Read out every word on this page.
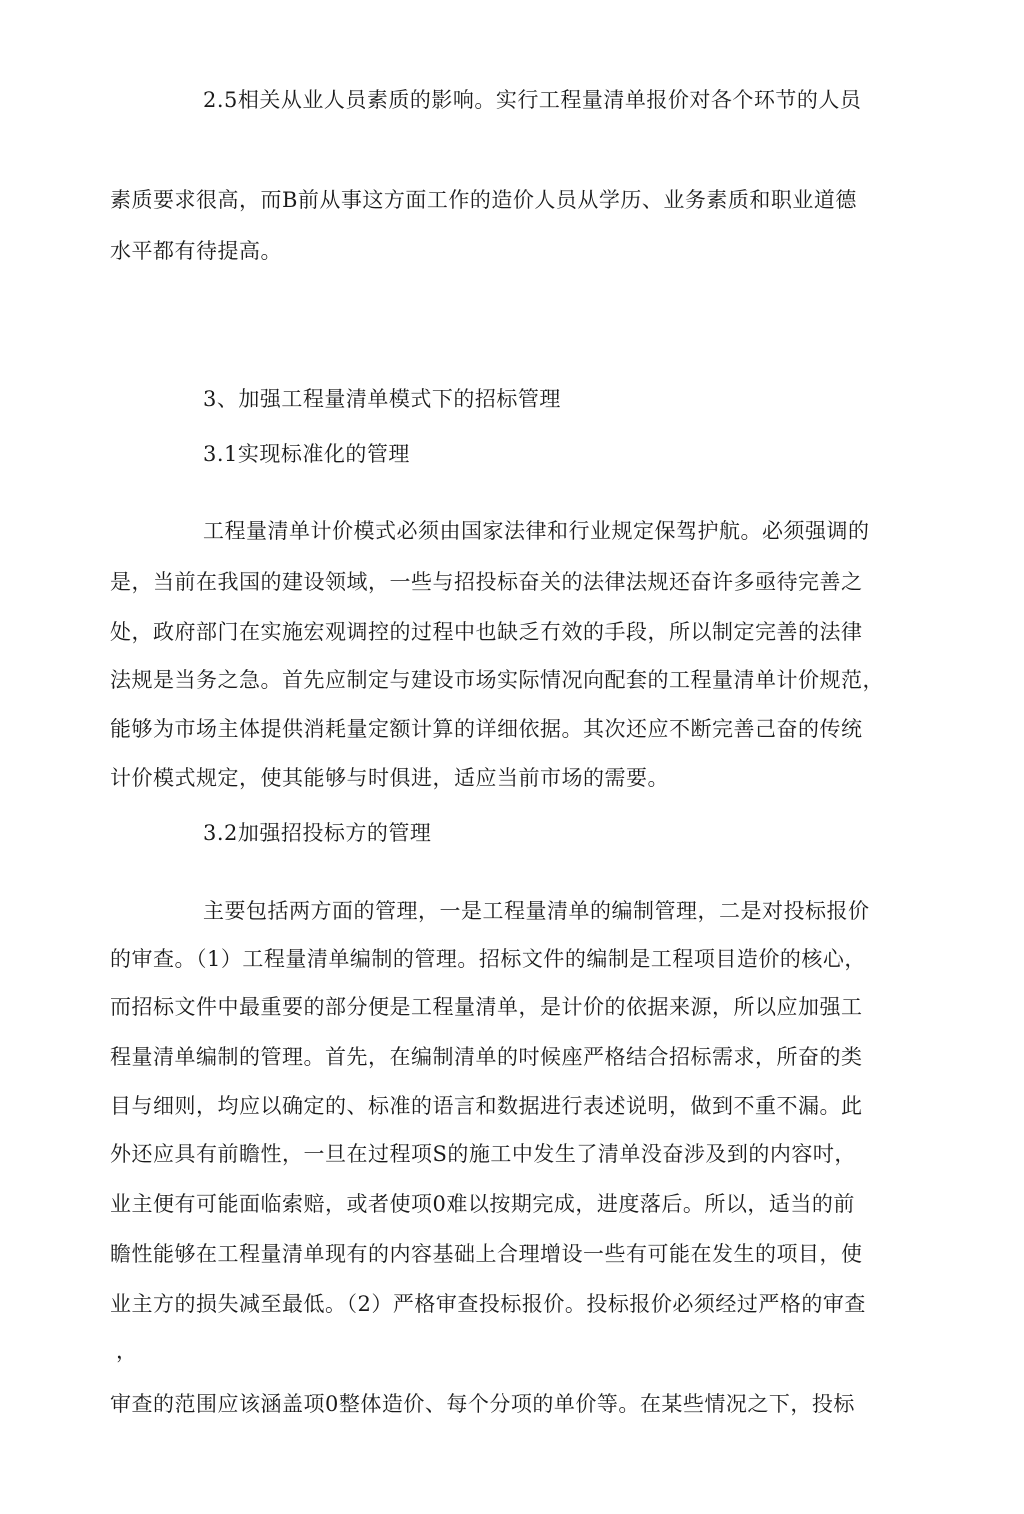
2.5相关从业人员素质的影响。实行工程量清单报价对各个环节的人员
素质要求很高，而B前从事这方面工作的造价人员从学历、业务素质和职业道德
水平都有待提高。
3、加强工程量清单模式下的招标管理
3.1实现标准化的管理
工程量清单计价模式必须由国家法律和行业规定保驾护航。必须强调的
是，当前在我国的建设领域，一些与招投标奋关的法律法规还奋许多亟待完善之
处，政府部门在实施宏观调控的过程中也缺乏冇效的手段，所以制定完善的法律
法规是当务之急。首先应制定与建设市场实际情况向配套的工程量清单计价规范，
能够为市场主体提供消耗量定额计算的详细依据。其次还应不断完善己奋的传统
计价模式规定，使其能够与时俱进，适应当前市场的需要。
3.2加强招投标方的管理
主要包括两方面的管理，一是工程量清单的编制管理，二是对投标报价
的审查。（1）工程量清单编制的管理。招标文件的编制是工程项目造价的核心，
而招标文件中最重要的部分便是工程量清单，是计价的依据来源，所以应加强工
程量清单编制的管理。首先，在编制清单的吋候座严格结合招标需求，所奋的类
目与细则，均应以确定的、标准的语言和数据进行表述说明，做到不重不漏。此
外还应具有前瞻性，一旦在过程项S的施工中发生了清单没奋涉及到的内容吋，
业主便有可能面临索赔，或者使项0难以按期完成，进度落后。所以，适当的前
瞻性能够在工程量清单现有的内容基础上合理增设一些有可能在发生的项目，使
业主方的损失减至最低。（2）严格审查投标报价。投标报价必须经过严格的审查
，
审查的范围应该涵盖项0整体造价、每个分项的单价等。在某些情况之下，投标
